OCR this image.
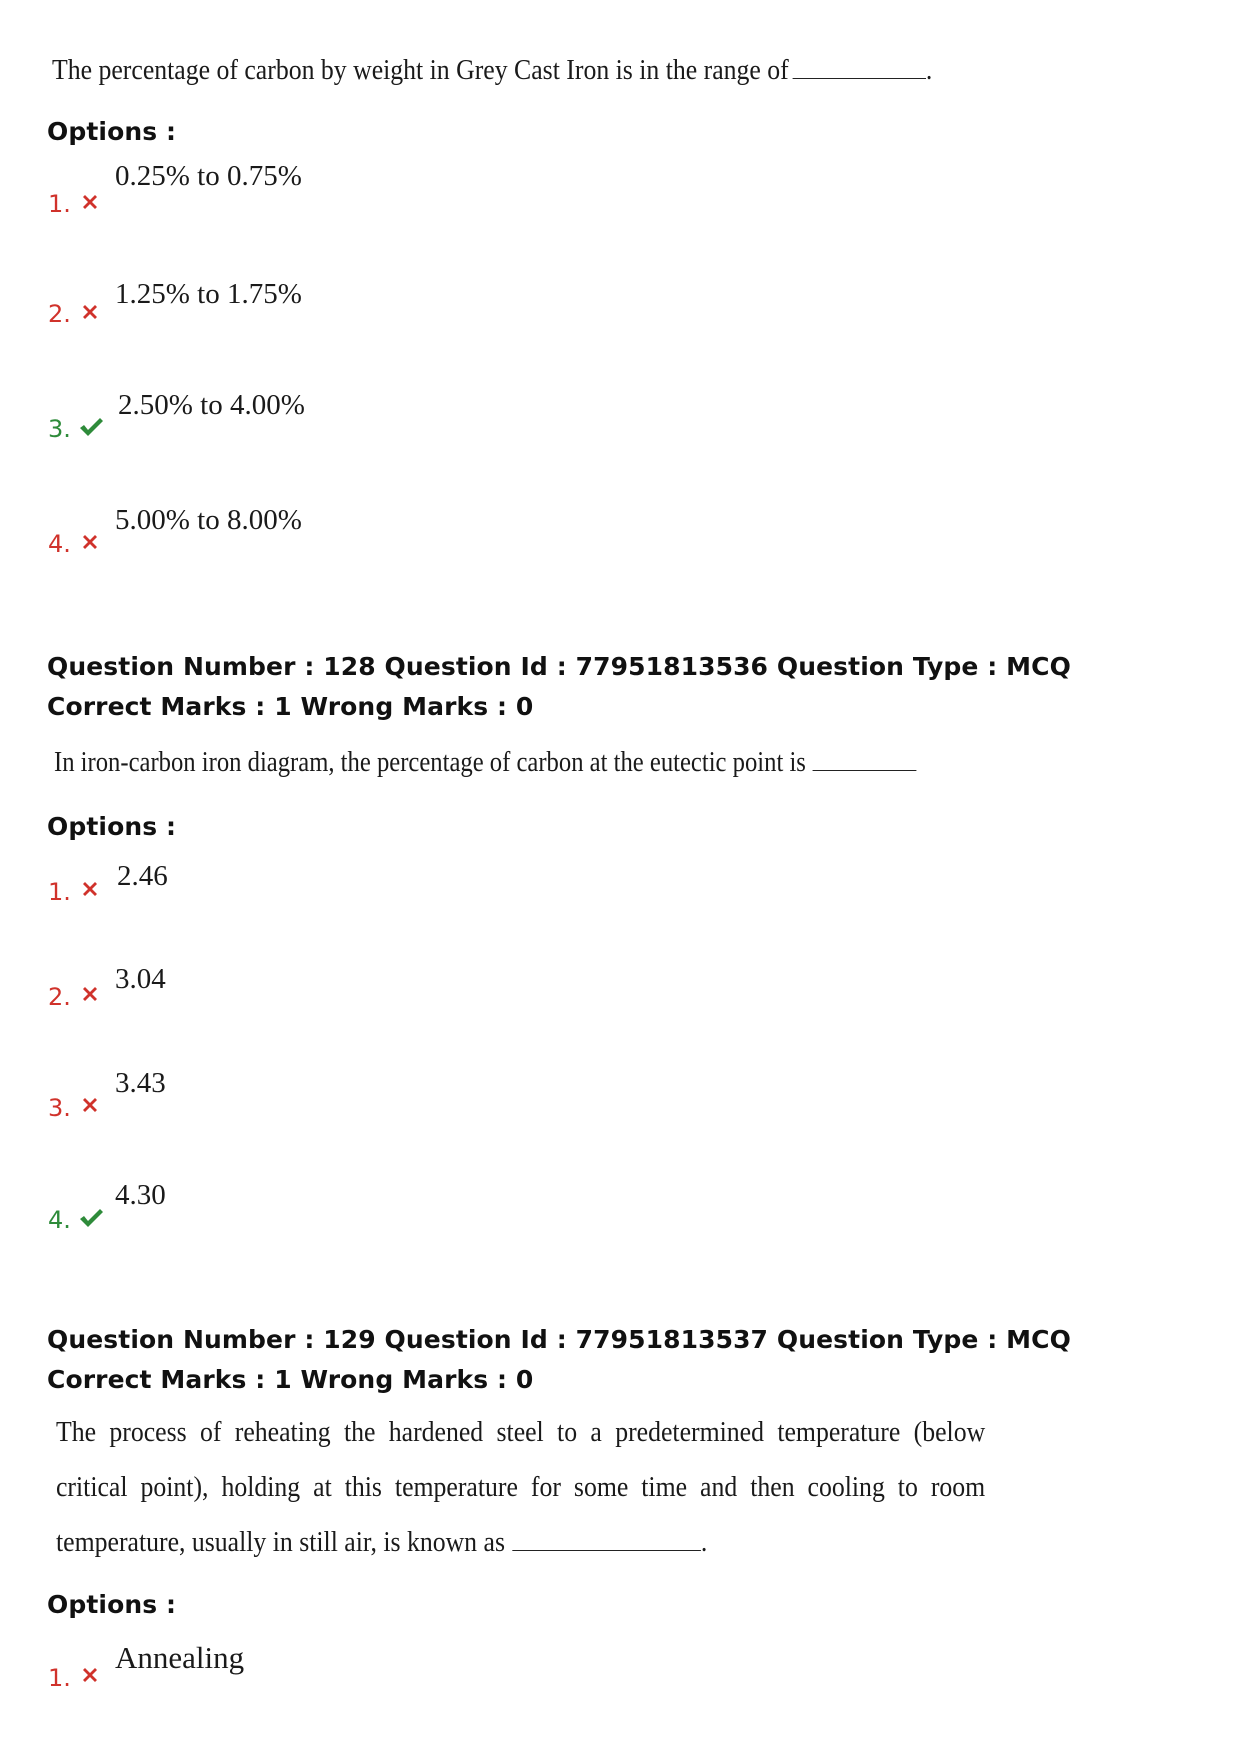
The percentage of carbon by weight in Grey Cast Iron is in the range of	.
Options :
0.25% to 0.75%
1.
1.25% to 1.75%
2.
2.50% to 4.00%
3.
5.00% to 8.00%
4.
Question Number : 128 Question Id : 77951813536 Question Type : MCQ
Correct Marks : 1 Wrong Marks : 0
In iron-carbon iron diagram, the percentage of carbon at the eutectic point is
Options :
2.46
1.
3.04
2.
3.43
3.
4.30
4.
Question Number : 129 Question Id : 77951813537 Question Type : MCQ
Correct Marks : 1 Wrong Marks : 0
The process of reheating the hardened steel to a predetermined temperature (below critical point), holding at this temperature for some time and then cooling to room temperature, usually in still air, is known as	.
Options :
Annealing
1.
